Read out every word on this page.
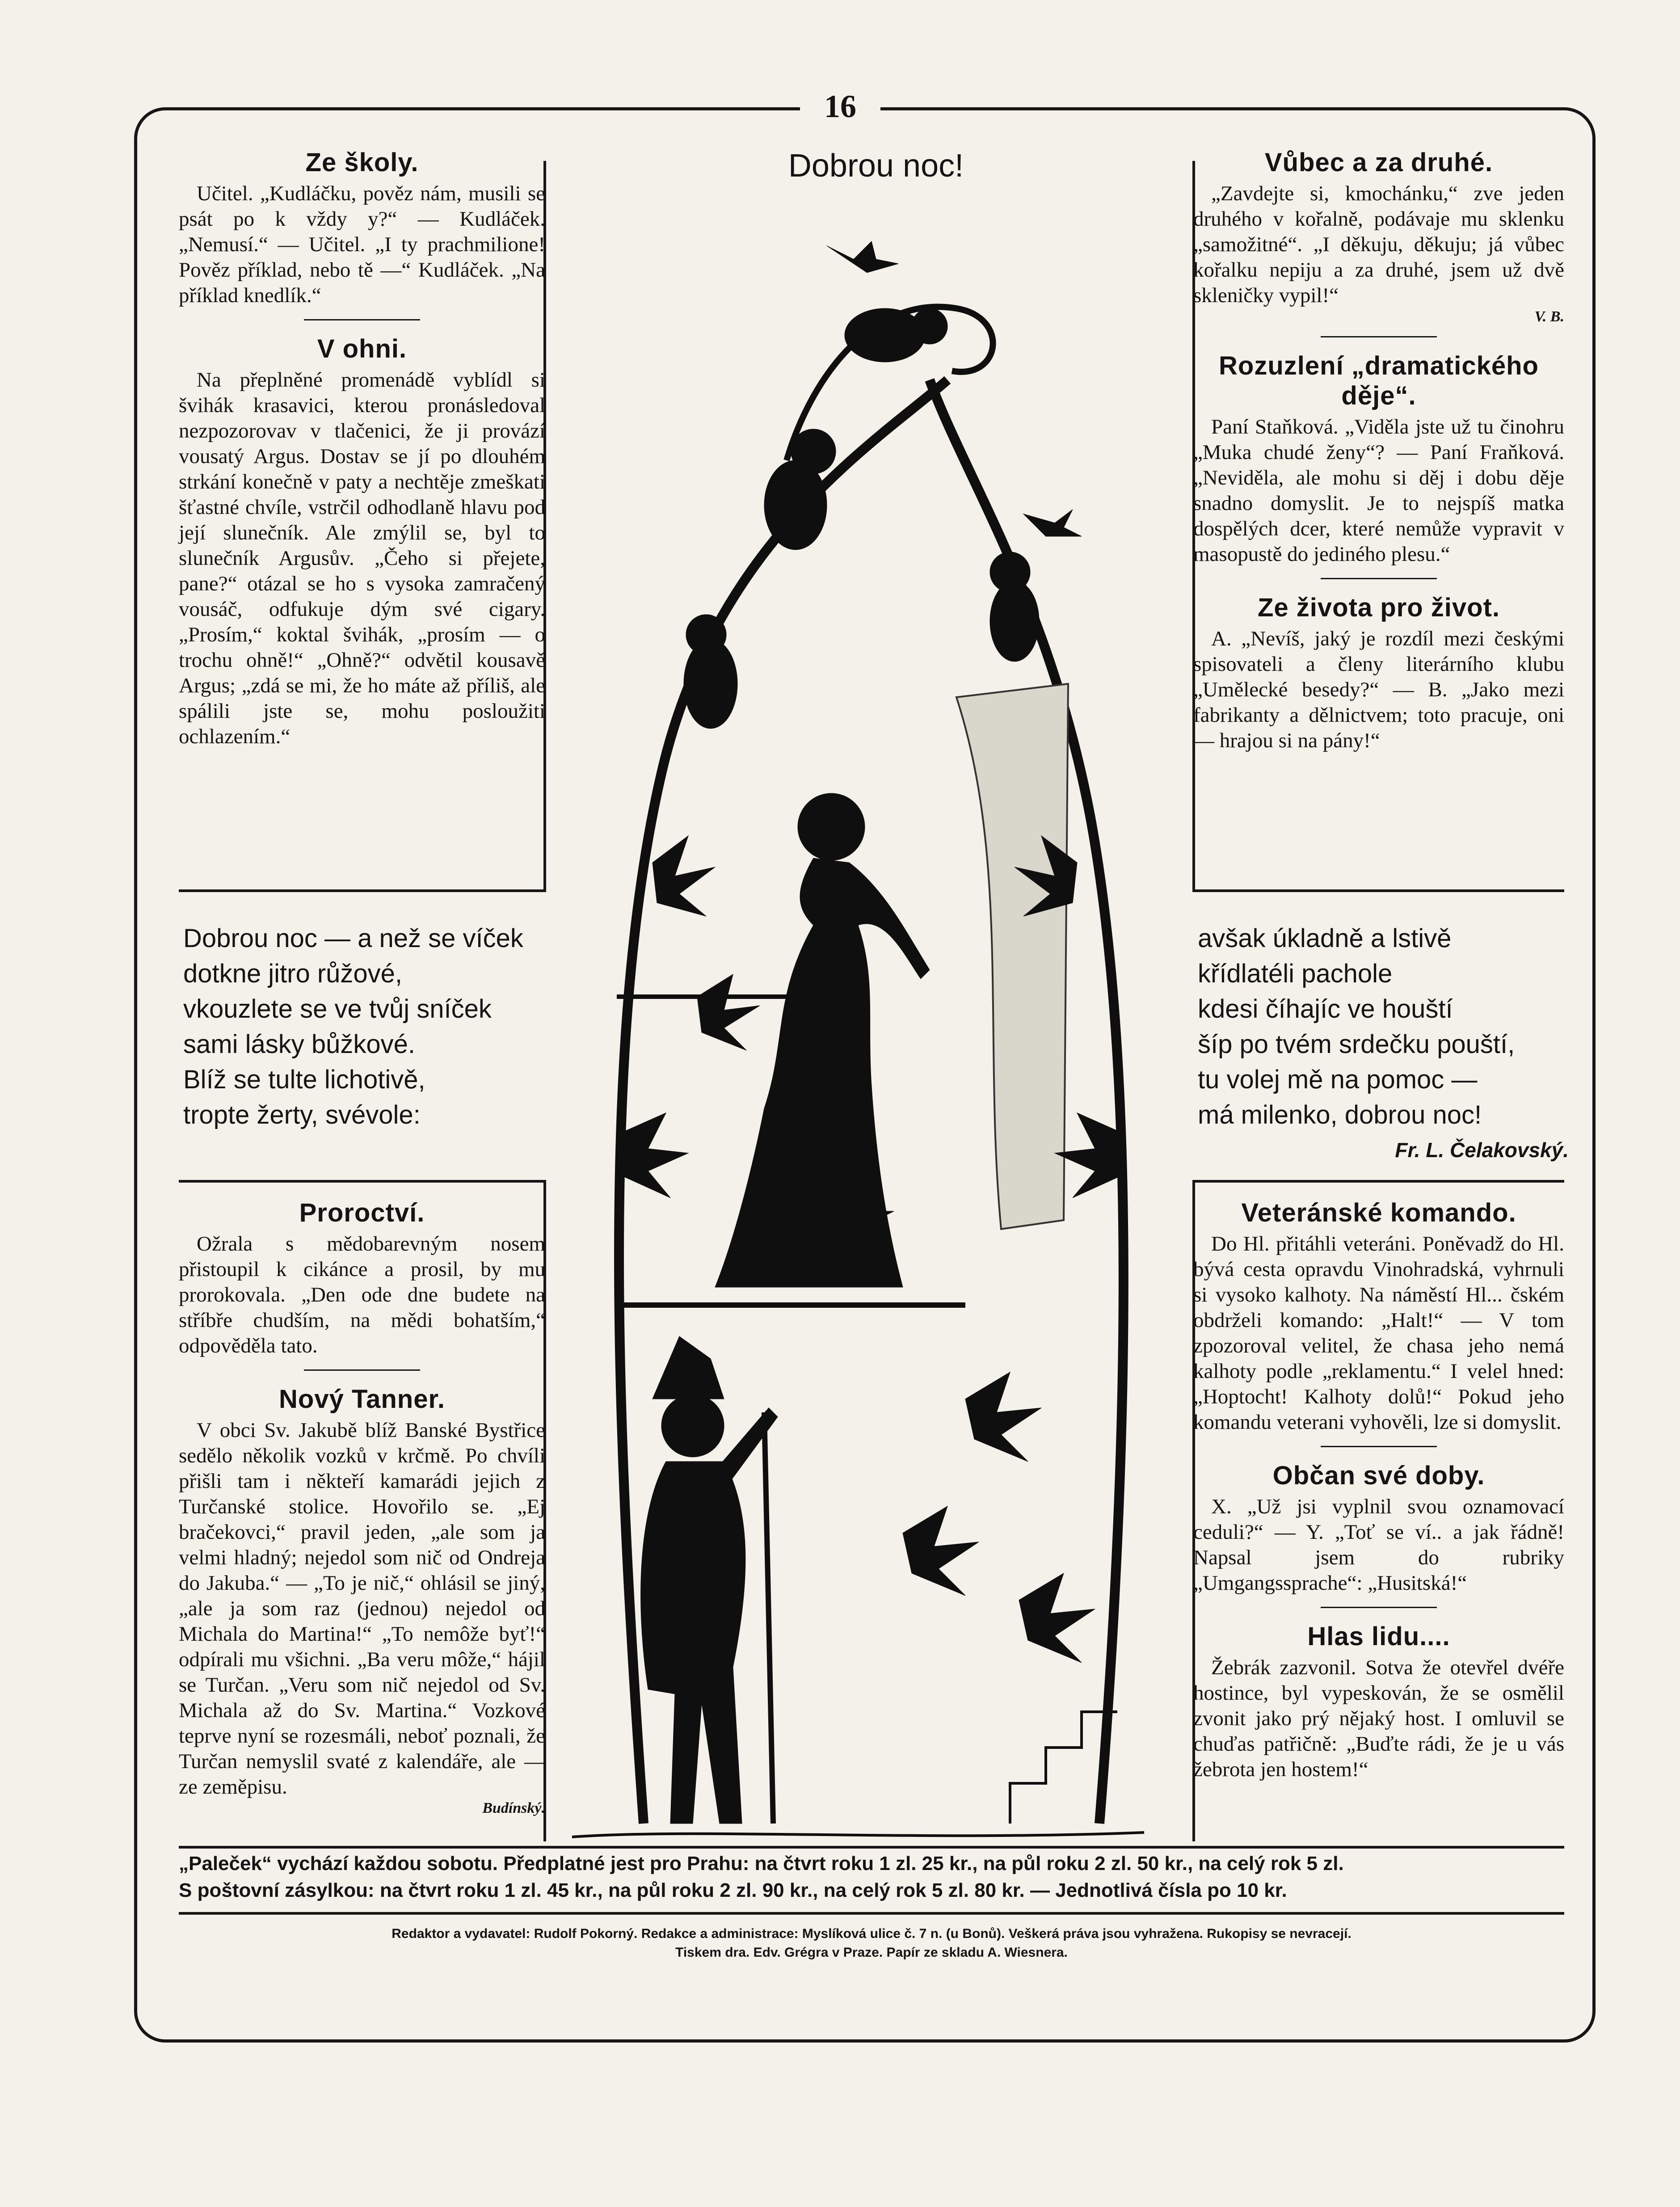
16
Ze školy.

Učitel. „Kudláčku, pověz nám, musili se psát po k vždy y?“ — Kudláček. „Nemusí.“ — Učitel. „I ty prachmilione! Pověz příklad, nebo tě —“ Kudláček. „Na příklad knedlík.“

V ohni.

Na přeplněné promenádě vyblídl si švihák krasavici, kterou pronásledoval nezpozorovav v tlačenici, že ji provází vousatý Argus. Dostav se jí po dlouhém strkání konečně v paty a nechtěje zmeškati šťastné chvíle, vstrčil odhodlaně hlavu pod její slunečník. Ale zmýlil se, byl to slunečník Argusův. „Čeho si přejete, pane?“ otázal se ho s vysoka zamračený vousáč, odfukuje dým své cigary. „Prosím,“ koktal švihák, „prosím — o trochu ohně!“ „Ohně?“ odvětil kousavě Argus; „zdá se mi, že ho máte až příliš, ale spálili jste se, mohu posloužiti ochlazením.“

Dobrou noc — a než se víček
dotkne jitro růžové,
vkouzlete se ve tvůj sníček
sami lásky bůžkové.
Blíž se tulte lichotivě,
tropte žerty, svévole:
Proroctví.

Ožrala s mědobarevným nosem přistoupil k cikánce a prosil, by mu prorokovala. „Den ode dne budete na stříbře chudším, na mědi bohatším,“ odpověděla tato.

Nový Tanner.

V obci Sv. Jakubě blíž Banské Bystřice sedělo několik vozků v krčmě. Po chvíli přišli tam i někteří kamarádi jejich z Turčanské stolice. Hovořilo se. „Ej bračekovci,“ pravil jeden, „ale som ja velmi hladný; nejedol som nič od Ondreja do Jakuba.“ — „To je nič,“ ohlásil se jiný, „ale ja som raz (jednou) nejedol od Michala do Martina!“ „To nemôže byť!“ odpírali mu všichni. „Ba veru môže,“ hájil se Turčan. „Veru som nič nejedol od Sv. Michala až do Sv. Martina.“ Vozkové teprve nyní se rozesmáli, neboť poznali, že Turčan nemyslil svaté z kalendáře, ale — ze zeměpisu.

Budínský.
Dobrou noc!	Vůbec a za druhé.

„Zavdejte si, kmochánku,“ zve jeden druhého v kořalně, podávaje mu sklenku „samožitné“. „I děkuju, děkuju; já vůbec kořalku nepiju a za druhé, jsem už dvě skleničky vypil!“

V. B.
Rozuzlení „dramatického děje“.

Paní Staňková. „Viděla jste už tu činohru „Muka chudé ženy“? — Paní Fraňková. „Neviděla, ale mohu si děj i dobu děje snadno domyslit. Je to nejspíš matka dospělých dcer, které nemůže vypravit v masopustě do jediného plesu.“

Ze života pro život.

A. „Nevíš, jaký je rozdíl mezi českými spisovateli a členy literárního klubu „Umělecké besedy?“ — B. „Jako mezi fabrikanty a dělnictvem; toto pracuje, oni — hrajou si na pány!“

avšak úkladně a lstivě
křídlatéli pachole
kdesi číhajíc ve houští
šíp po tvém srdečku pouští,
tu volej mě na pomoc —
má milenko, dobrou noc!
Fr. L. Čelakovský.
Veteránské komando.

Do Hl. přitáhli veteráni. Poněvadž do Hl. bývá cesta opravdu Vinohradská, vyhrnuli si vysoko kalhoty. Na náměstí Hl... čském obdrželi komando: „Halt!“ — V tom zpozoroval velitel, že chasa jeho nemá kalhoty podle „reklamentu.“ I velel hned: „Hoptocht! Kalhoty dolů!“ Pokud jeho komandu veterani vyhověli, lze si domyslit.

Občan své doby.

X. „Už jsi vyplnil svou oznamovací ceduli?“ — Y. „Toť se ví.. a jak řádně! Napsal jsem do rubriky „Umgangssprache“: „Husitská!“

Hlas lidu....

Žebrák zazvonil. Sotva že otevřel dvéře hostince, byl vypeskován, že se osmělil zvonit jako prý nějaký host. I omluvil se chuďas patřičně: „Buďte rádi, že je u vás žebrota jen hostem!“

„Paleček“ vychází každou sobotu. Předplatné jest pro Prahu: na čtvrt roku 1 zl. 25 kr., na půl roku 2 zl. 50 kr., na celý rok 5 zl.
S poštovní zásylkou: na čtvrt roku 1 zl. 45 kr., na půl roku 2 zl. 90 kr., na celý rok 5 zl. 80 kr. — Jednotlivá čísla po 10 kr.
Redaktor a vydavatel: Rudolf Pokorný. Redakce a administrace: Myslíková ulice č. 7 n. (u Bonů). Veškerá práva jsou vyhražena. Rukopisy se nevracejí.
Tiskem dra. Edv. Grégra v Praze. Papír ze skladu A. Wiesnera.
